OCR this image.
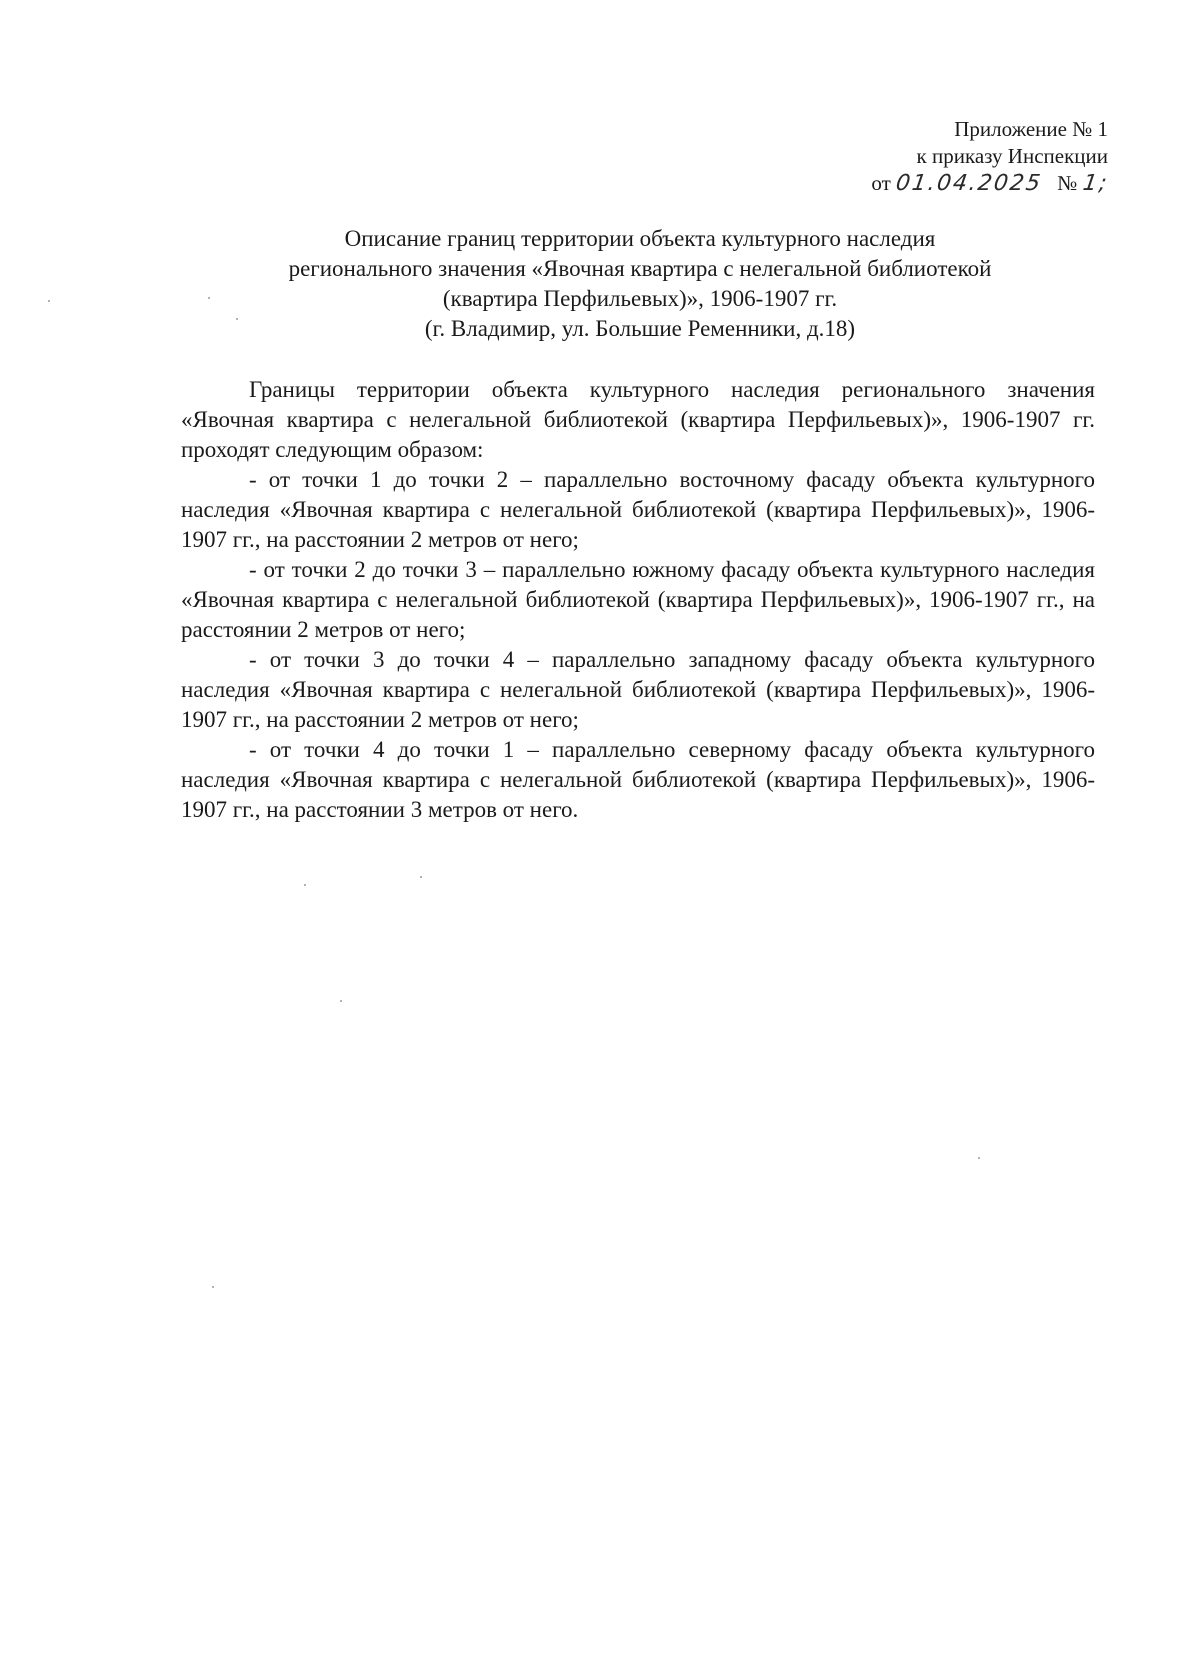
Приложение № 1
к приказу Инспекции
от 01.04.2025 № 1;
Описание границ территории объекта культурного наследия
регионального значения «Явочная квартира с нелегальной библиотекой
(квартира Перфильевых)», 1906-1907 гг.
(г. Владимир, ул. Большие Ременники, д.18)

Границы территории объекта культурного наследия регионального значения «Явочная квартира с нелегальной библиотекой (квартира Перфильевых)», 1906-1907 гг. проходят следующим образом:

- от точки 1 до точки 2 – параллельно восточному фасаду объекта культурного наследия «Явочная квартира с нелегальной библиотекой (квартира Перфильевых)», 1906-1907 гг., на расстоянии 2 метров от него;

- от точки 2 до точки 3 – параллельно южному фасаду объекта культурного наследия «Явочная квартира с нелегальной библиотекой (квартира Перфильевых)», 1906-1907 гг., на расстоянии 2 метров от него;

- от точки 3 до точки 4 – параллельно западному фасаду объекта культурного наследия «Явочная квартира с нелегальной библиотекой (квартира Перфильевых)», 1906-1907 гг., на расстоянии 2 метров от него;

- от точки 4 до точки 1 – параллельно северному фасаду объекта культурного наследия «Явочная квартира с нелегальной библиотекой (квартира Перфильевых)», 1906-1907 гг., на расстоянии 3 метров от него.
